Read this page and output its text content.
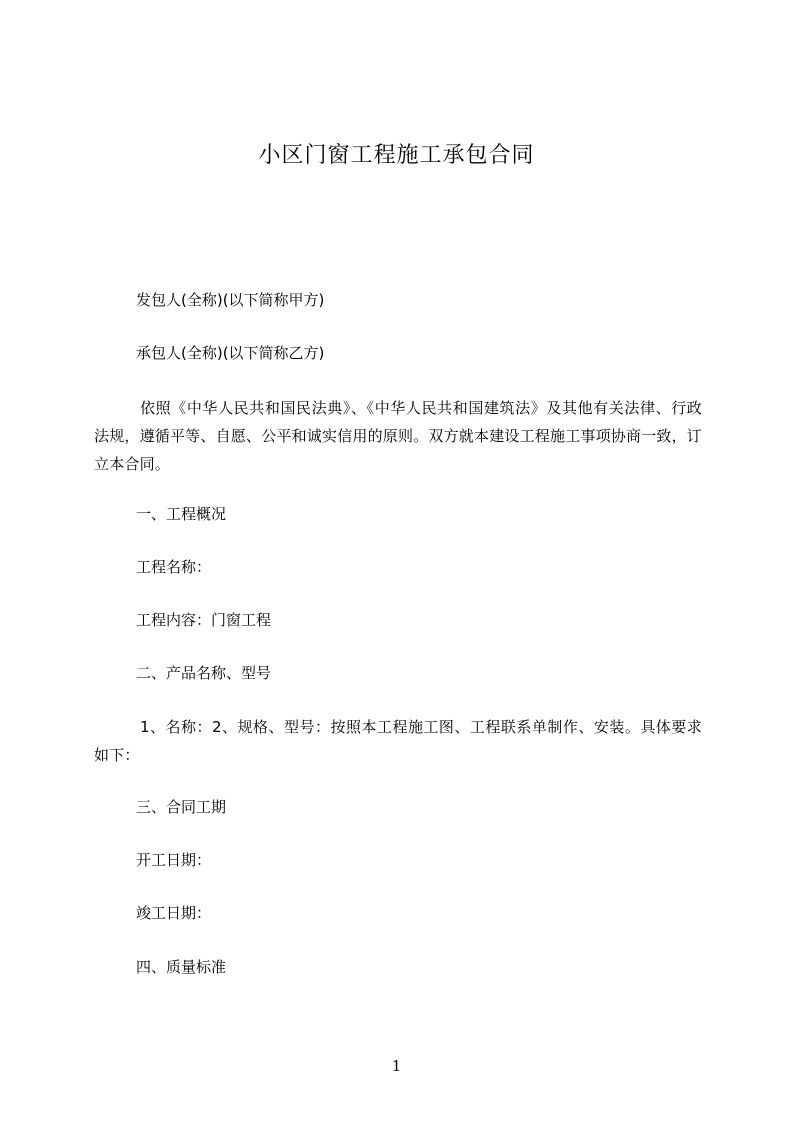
小区门窗工程施工承包合同
发包人(全称)(以下简称甲方)
承包人(全称)(以下简称乙方)
依照《中华人民共和国民法典》、《中华人民共和国建筑法》及其他有关法律、行政法规，遵循平等、自愿、公平和诚实信用的原则。双方就本建设工程施工事项协商一致，订立本合同。
一、工程概况
工程名称：
工程内容：门窗工程
二、产品名称、型号
1、名称：2、规格、型号：按照本工程施工图、工程联系单制作、安装。具体要求如下：
三、合同工期
开工日期：
竣工日期：
四、质量标准
1
